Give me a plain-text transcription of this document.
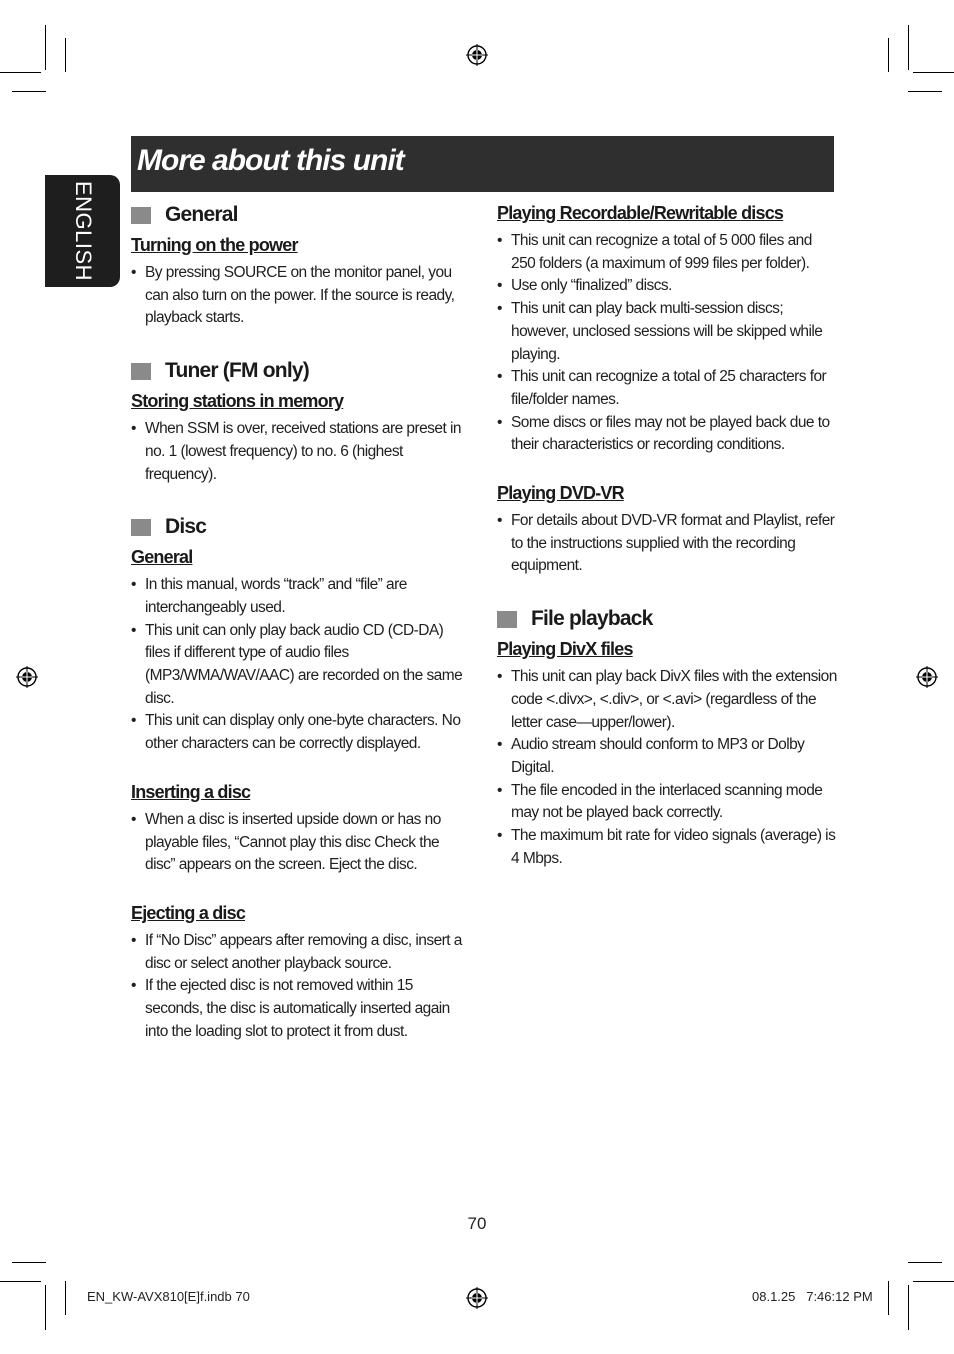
ENGLISH
More about this unit
General
Turning on the power
• By pressing SOURCE on the monitor panel, you can also turn on the power. If the source is ready, playback starts.
Tuner (FM only)
Storing stations in memory
• When SSM is over, received stations are preset in no. 1 (lowest frequency) to no. 6 (highest frequency).
Disc
General
• In this manual, words “track” and “file” are interchangeably used.
• This unit can only play back audio CD (CD-DA) files if different type of audio files (MP3/WMA/WAV/AAC) are recorded on the same disc.
• This unit can display only one-byte characters. No other characters can be correctly displayed.
Inserting a disc
• When a disc is inserted upside down or has no playable files, “Cannot play this disc Check the disc” appears on the screen. Eject the disc.
Ejecting a disc
• If “No Disc” appears after removing a disc, insert a disc or select another playback source.
• If the ejected disc is not removed within 15 seconds, the disc is automatically inserted again into the loading slot to protect it from dust.
Playing Recordable/Rewritable discs
• This unit can recognize a total of 5 000 files and 250 folders (a maximum of 999 files per folder).
• Use only “finalized” discs.
• This unit can play back multi-session discs; however, unclosed sessions will be skipped while playing.
• This unit can recognize a total of 25 characters for file/folder names.
• Some discs or files may not be played back due to their characteristics or recording conditions.
Playing DVD-VR
• For details about DVD-VR format and Playlist, refer to the instructions supplied with the recording equipment.
File playback
Playing DivX files
• This unit can play back DivX files with the extension code <.divx>, <.div>, or <.avi> (regardless of the letter case—upper/lower).
• Audio stream should conform to MP3 or Dolby Digital.
• The file encoded in the interlaced scanning mode may not be played back correctly.
• The maximum bit rate for video signals (average) is 4 Mbps.
70
EN_KW-AVX810[E]f.indb 70	08.1.25   7:46:12 PM
